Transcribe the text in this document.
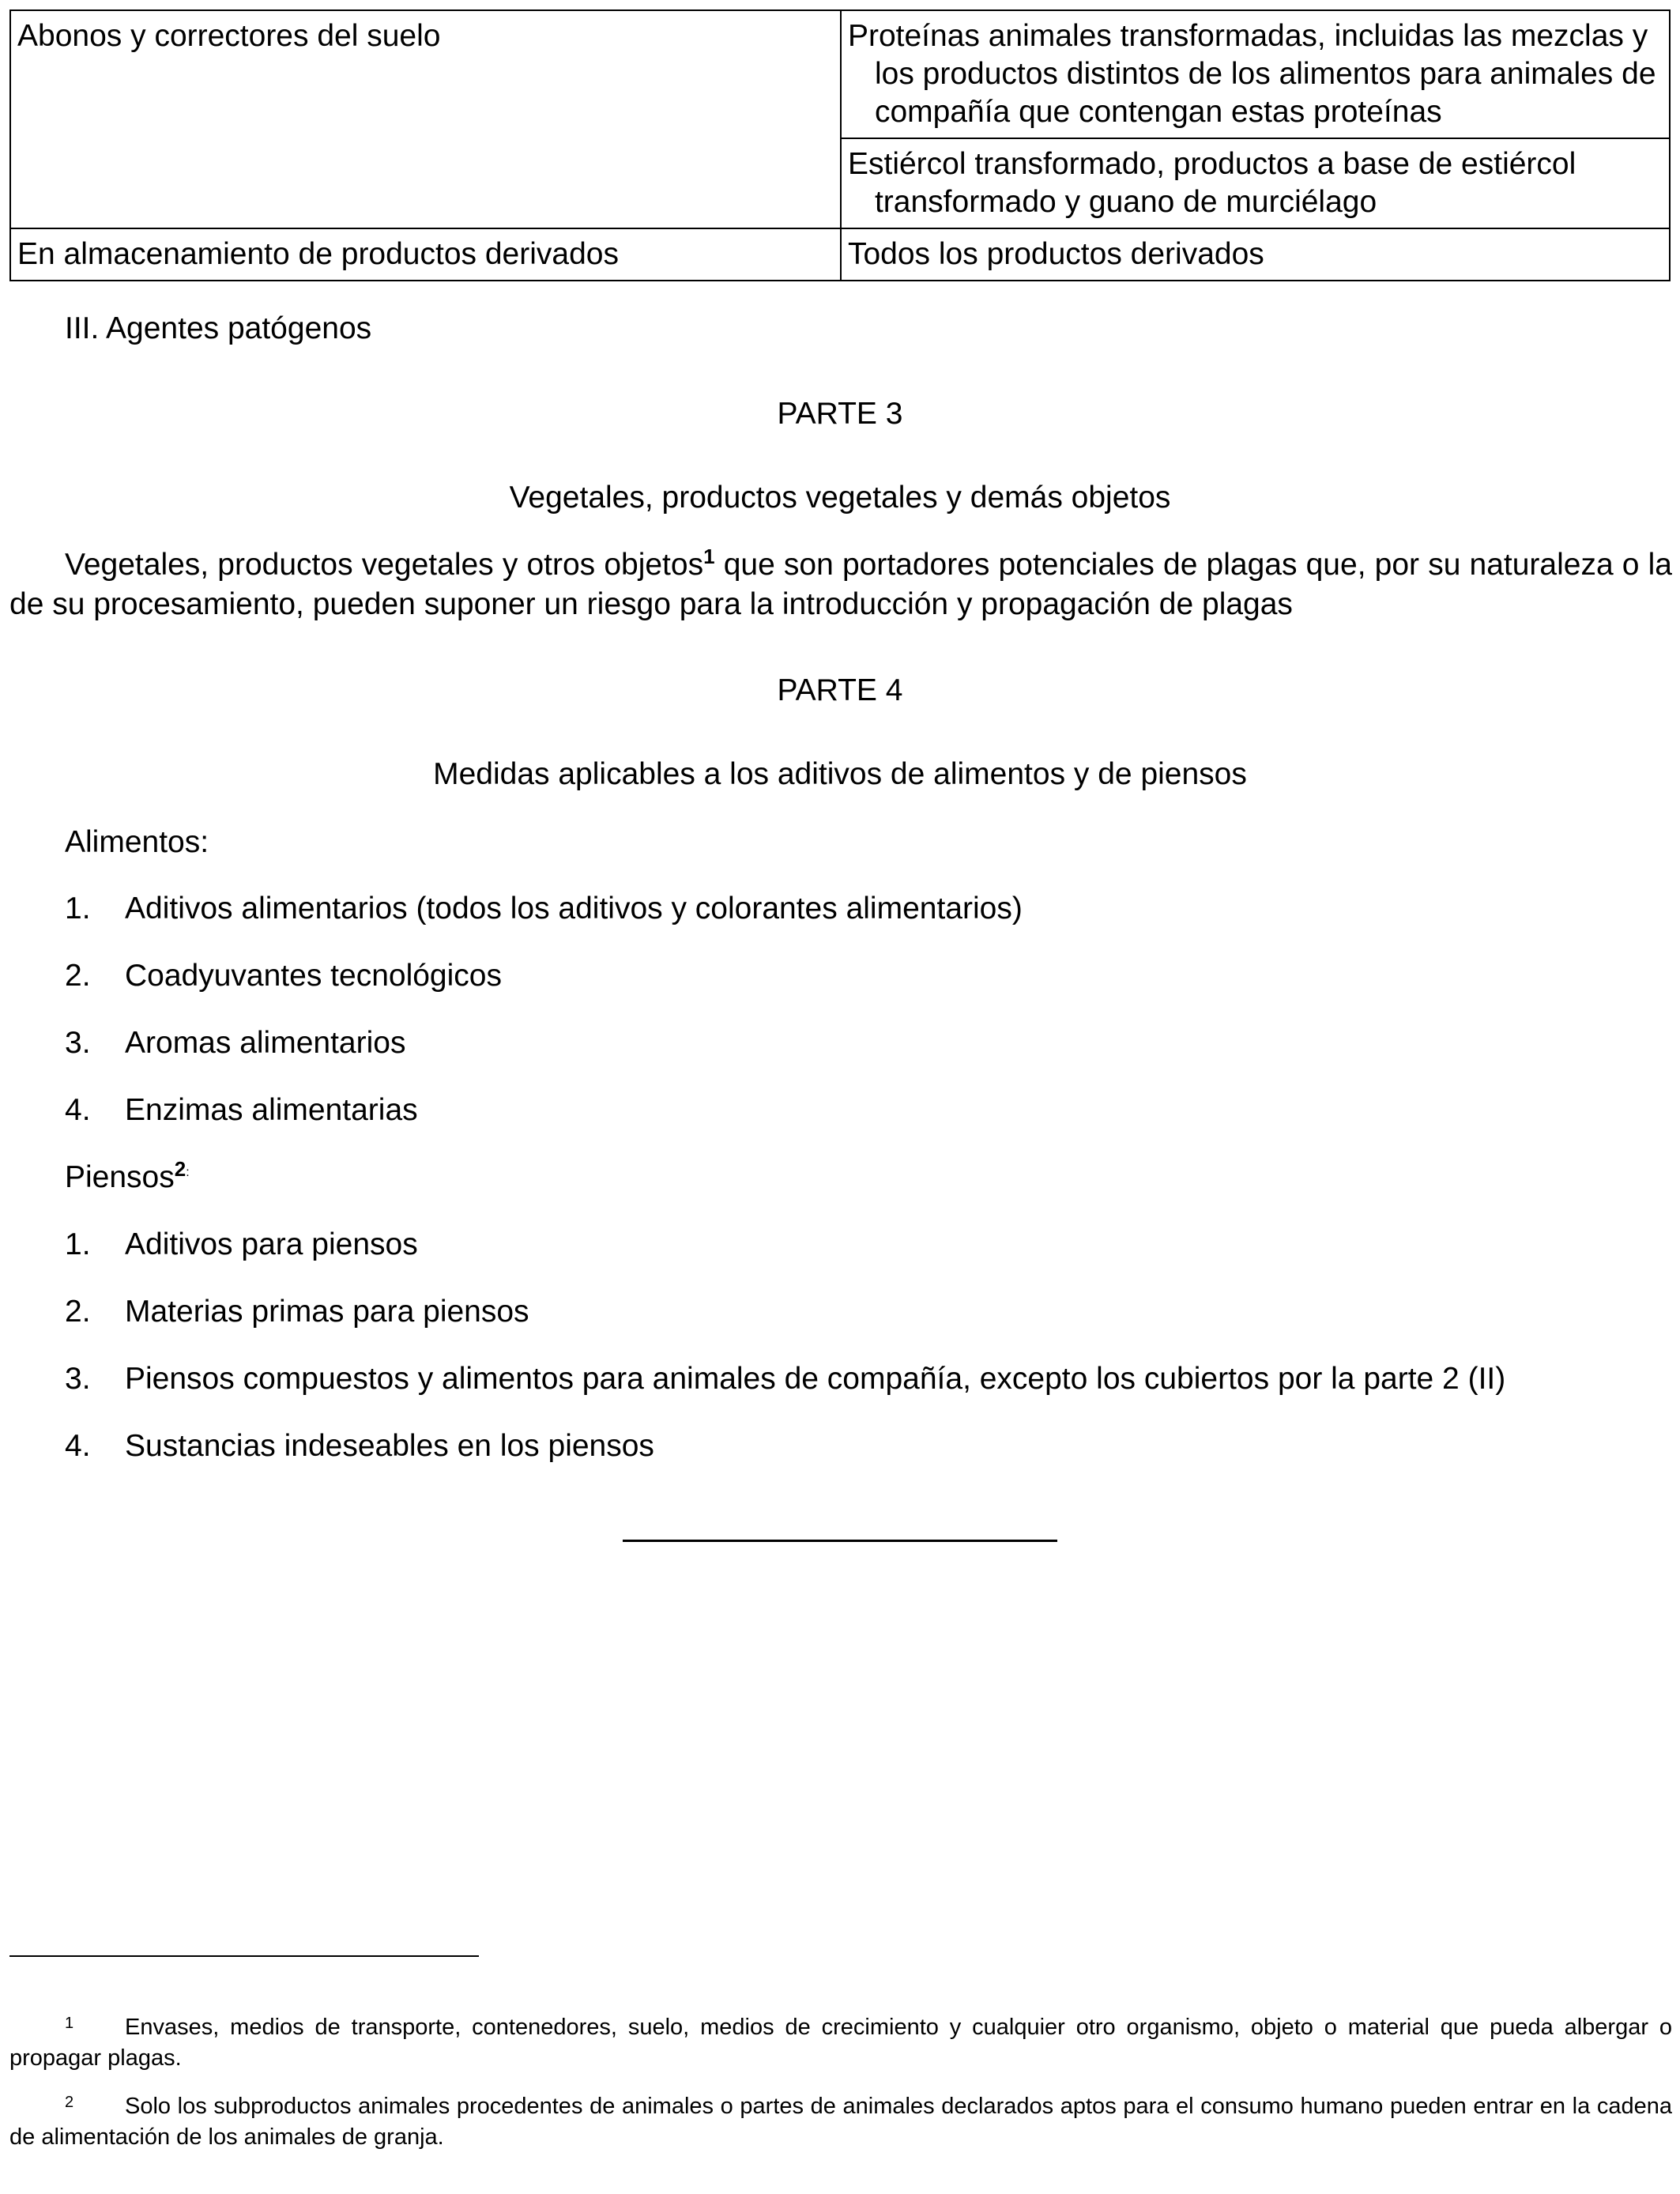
Abonos y correctores del suelo	Proteínas animales transformadas, incluidas las mezclas y los productos distintos de los alimentos para animales de compañía que contengan estas proteínas

	Estiércol transformado, productos a base de estiércol transformado y guano de murciélago

En almacenamiento de productos derivados	Todos los productos derivados
III. Agentes patógenos
PARTE 3
Vegetales, productos vegetales y demás objetos
Vegetales, productos vegetales y otros objetos$^1$ que son portadores potenciales de plagas que, por su naturaleza o la de su procesamiento, pueden suponer un riesgo para la introducción y propagación de plagas
PARTE 4
Medidas aplicables a los aditivos de alimentos y de piensos
Alimentos:
1. Aditivos alimentarios (todos los aditivos y colorantes alimentarios)
2. Coadyuvantes tecnológicos
3. Aromas alimentarios
4. Enzimas alimentarias
Piensos$^{2:}$
1. Aditivos para piensos
2. Materias primas para piensos
3. Piensos compuestos y alimentos para animales de compañía, excepto los cubiertos por la parte 2 (II)
4. Sustancias indeseables en los piensos
1 Envases, medios de transporte, contenedores, suelo, medios de crecimiento y cualquier otro organismo, objeto o material que pueda albergar o propagar plagas.
2 Solo los subproductos animales procedentes de animales o partes de animales declarados aptos para el consumo humano pueden entrar en la cadena de alimentación de los animales de granja.
